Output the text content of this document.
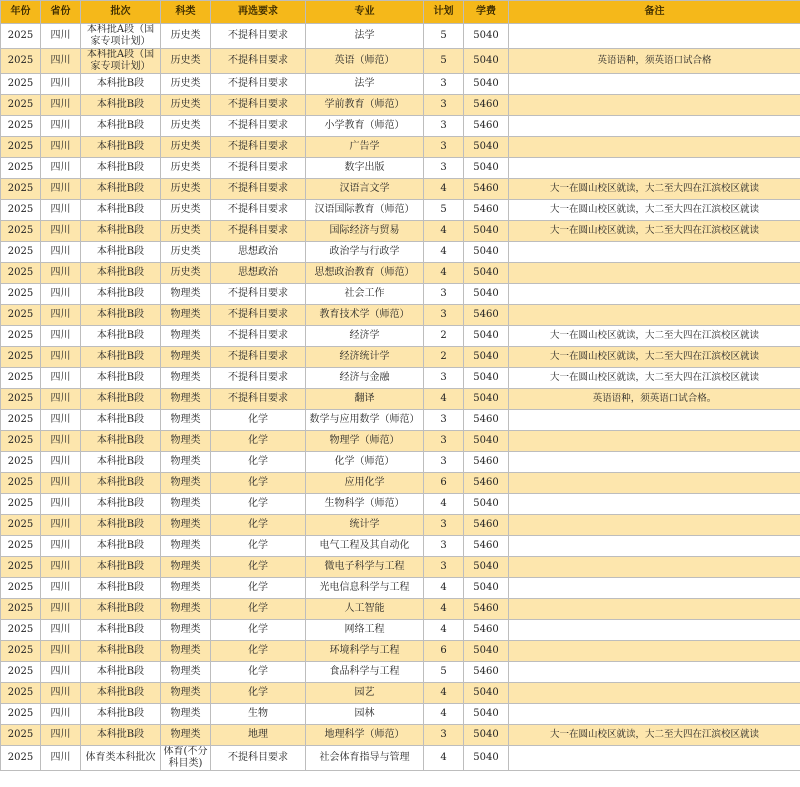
年份	省份	批次	科类	再选要求	专业	计划	学费	备注
2025	四川	本科批A段（国家专项计划）	历史类	不提科目要求	法学	5	5040	
2025	四川	本科批A段（国家专项计划）	历史类	不提科目要求	英语（师范）	5	5040	英语语种，须英语口试合格
2025	四川	本科批B段	历史类	不提科目要求	法学	3	5040	
2025	四川	本科批B段	历史类	不提科目要求	学前教育（师范）	3	5460	
2025	四川	本科批B段	历史类	不提科目要求	小学教育（师范）	3	5460	
2025	四川	本科批B段	历史类	不提科目要求	广告学	3	5040	
2025	四川	本科批B段	历史类	不提科目要求	数字出版	3	5040	
2025	四川	本科批B段	历史类	不提科目要求	汉语言文学	4	5460	大一在圆山校区就读，大二至大四在江滨校区就读
2025	四川	本科批B段	历史类	不提科目要求	汉语国际教育（师范）	5	5460	大一在圆山校区就读，大二至大四在江滨校区就读
2025	四川	本科批B段	历史类	不提科目要求	国际经济与贸易	4	5040	大一在圆山校区就读，大二至大四在江滨校区就读
2025	四川	本科批B段	历史类	思想政治	政治学与行政学	4	5040	
2025	四川	本科批B段	历史类	思想政治	思想政治教育（师范）	4	5040	
2025	四川	本科批B段	物理类	不提科目要求	社会工作	3	5040	
2025	四川	本科批B段	物理类	不提科目要求	教育技术学（师范）	3	5460	
2025	四川	本科批B段	物理类	不提科目要求	经济学	2	5040	大一在圆山校区就读，大二至大四在江滨校区就读
2025	四川	本科批B段	物理类	不提科目要求	经济统计学	2	5040	大一在圆山校区就读，大二至大四在江滨校区就读
2025	四川	本科批B段	物理类	不提科目要求	经济与金融	3	5040	大一在圆山校区就读，大二至大四在江滨校区就读
2025	四川	本科批B段	物理类	不提科目要求	翻译	4	5040	英语语种，须英语口试合格。
2025	四川	本科批B段	物理类	化学	数学与应用数学（师范）	3	5460	
2025	四川	本科批B段	物理类	化学	物理学（师范）	3	5040	
2025	四川	本科批B段	物理类	化学	化学（师范）	3	5460	
2025	四川	本科批B段	物理类	化学	应用化学	6	5460	
2025	四川	本科批B段	物理类	化学	生物科学（师范）	4	5040	
2025	四川	本科批B段	物理类	化学	统计学	3	5460	
2025	四川	本科批B段	物理类	化学	电气工程及其自动化	3	5460	
2025	四川	本科批B段	物理类	化学	微电子科学与工程	3	5040	
2025	四川	本科批B段	物理类	化学	光电信息科学与工程	4	5040	
2025	四川	本科批B段	物理类	化学	人工智能	4	5460	
2025	四川	本科批B段	物理类	化学	网络工程	4	5460	
2025	四川	本科批B段	物理类	化学	环境科学与工程	6	5040	
2025	四川	本科批B段	物理类	化学	食品科学与工程	5	5460	
2025	四川	本科批B段	物理类	化学	园艺	4	5040	
2025	四川	本科批B段	物理类	生物	园林	4	5040	
2025	四川	本科批B段	物理类	地理	地理科学（师范）	3	5040	大一在圆山校区就读，大二至大四在江滨校区就读
2025	四川	体育类本科批次	体育(不分科目类)	不提科目要求	社会体育指导与管理	4	5040	
